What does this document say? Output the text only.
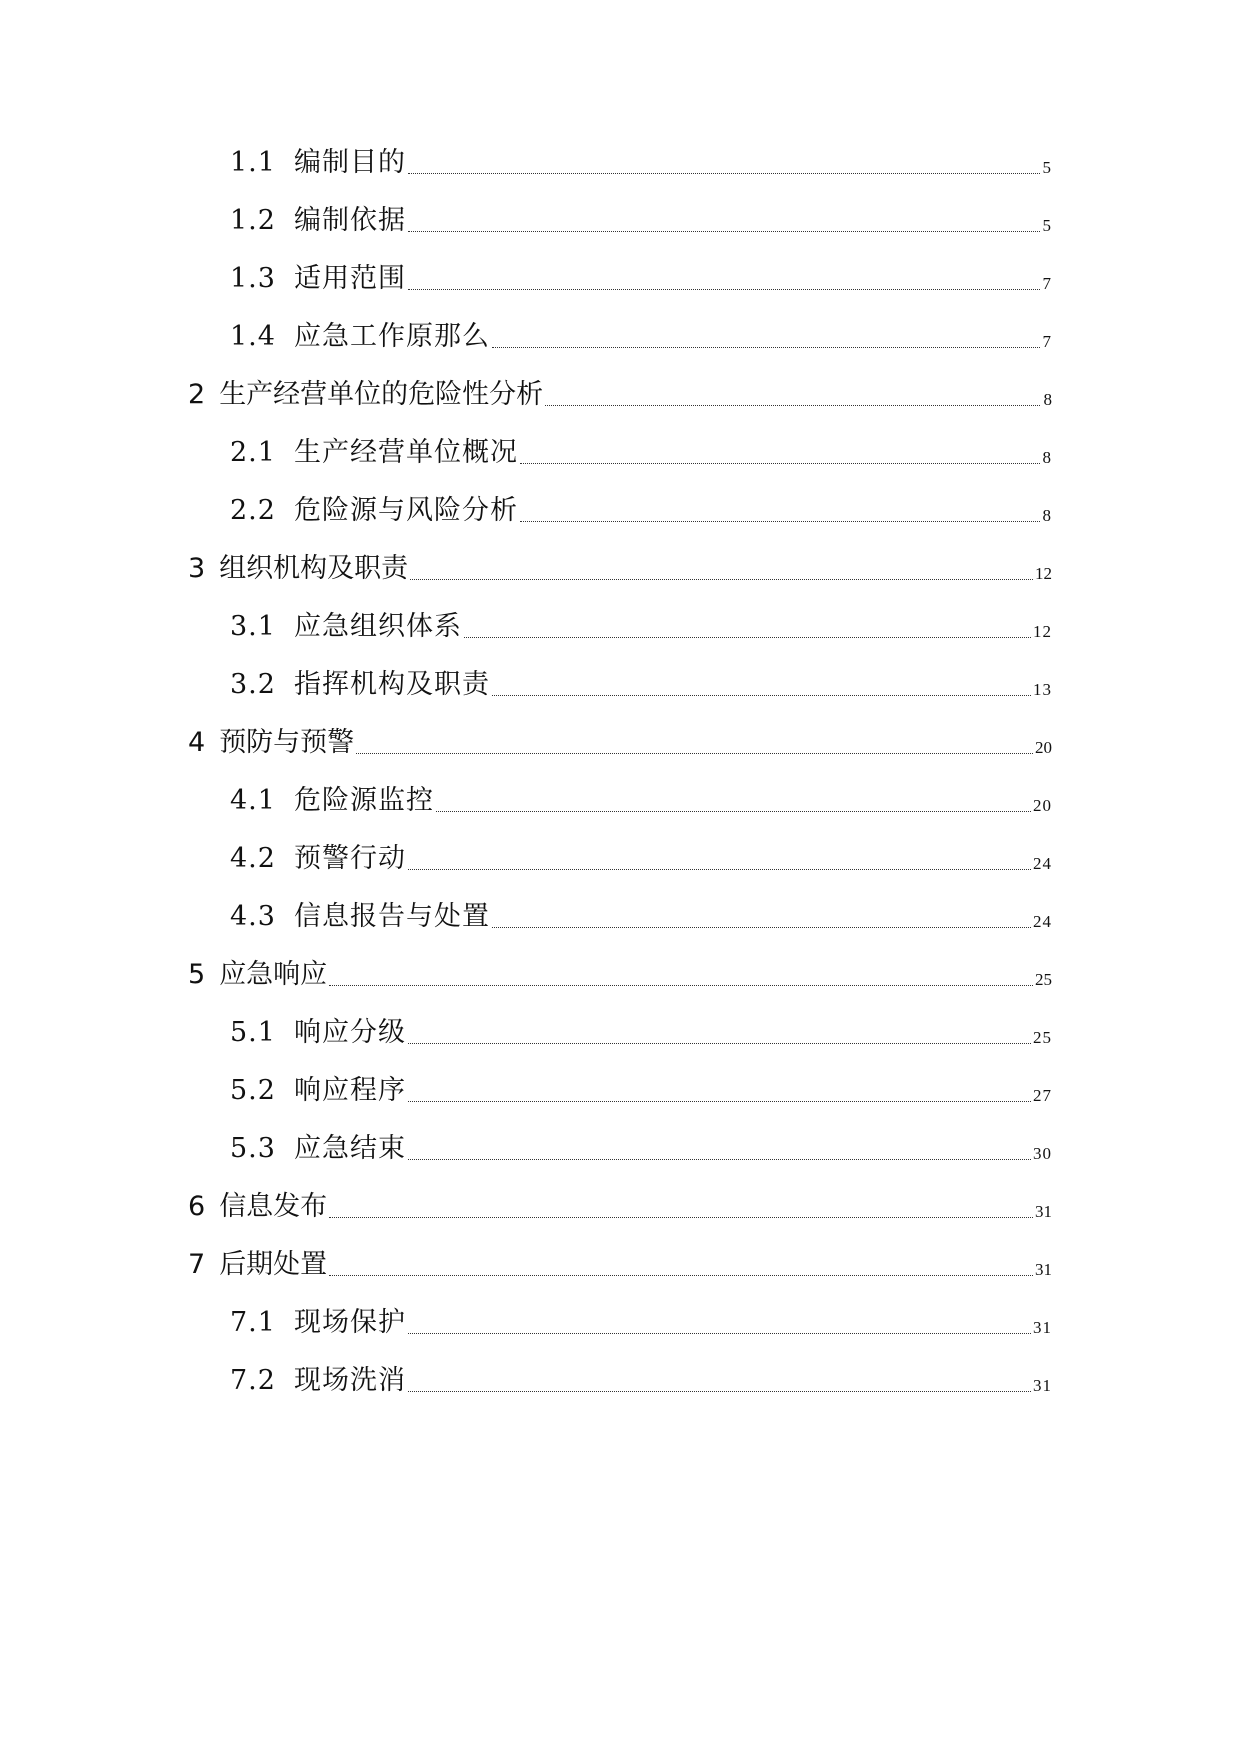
1.1 编制目的	5
1.2 编制依据	5
1.3 适用范围	7
1.4 应急工作原那么	7
2 生产经营单位的危险性分析	8
2.1 生产经营单位概况	8
2.2 危险源与风险分析	8
3 组织机构及职责	12
3.1 应急组织体系	12
3.2 指挥机构及职责	13
4 预防与预警	20
4.1 危险源监控	20
4.2 预警行动	24
4.3 信息报告与处置	24
5 应急响应	25
5.1 响应分级	25
5.2 响应程序	27
5.3 应急结束	30
6 信息发布	31
7 后期处置	31
7.1 现场保护	31
7.2 现场洗消	31
